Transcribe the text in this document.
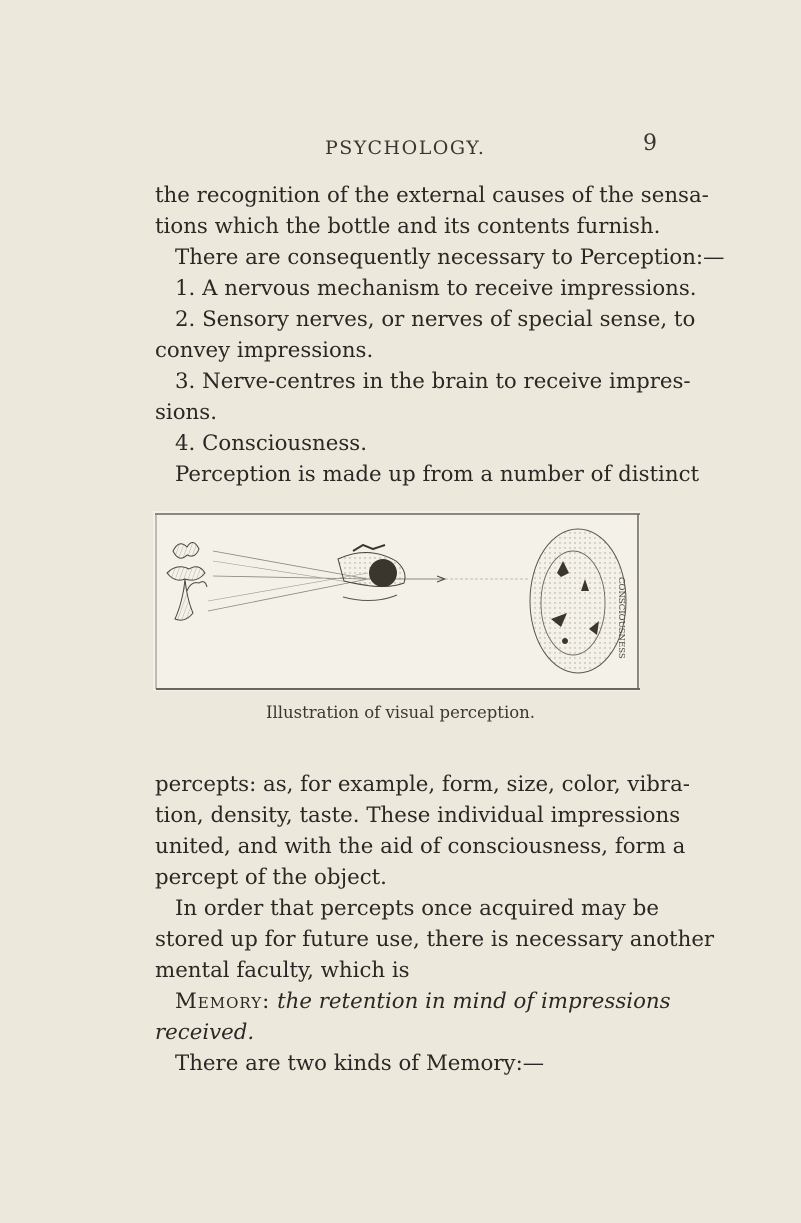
PSYCHOLOGY.	9
the recognition of the external causes of the sensa-
tions which the bottle and its contents furnish.
There are consequently necessary to Perception:—
1. A nervous mechanism to receive impressions.
2. Sensory nerves, or nerves of special sense, to
convey impressions.
3. Nerve-centres in the brain to receive impres-
sions.
4. Consciousness.
Perception is made up from a number of distinct
CONSCIOUSNESS
Illustration of visual perception.
percepts: as, for example, form, size, color, vibra-
tion, density, taste. These individual impressions
united, and with the aid of consciousness, form a
percept of the object.
In order that percepts once acquired may be
stored up for future use, there is necessary another
mental faculty, which is
Memory: the retention in mind of impressions
received.
There are two kinds of Memory:—
